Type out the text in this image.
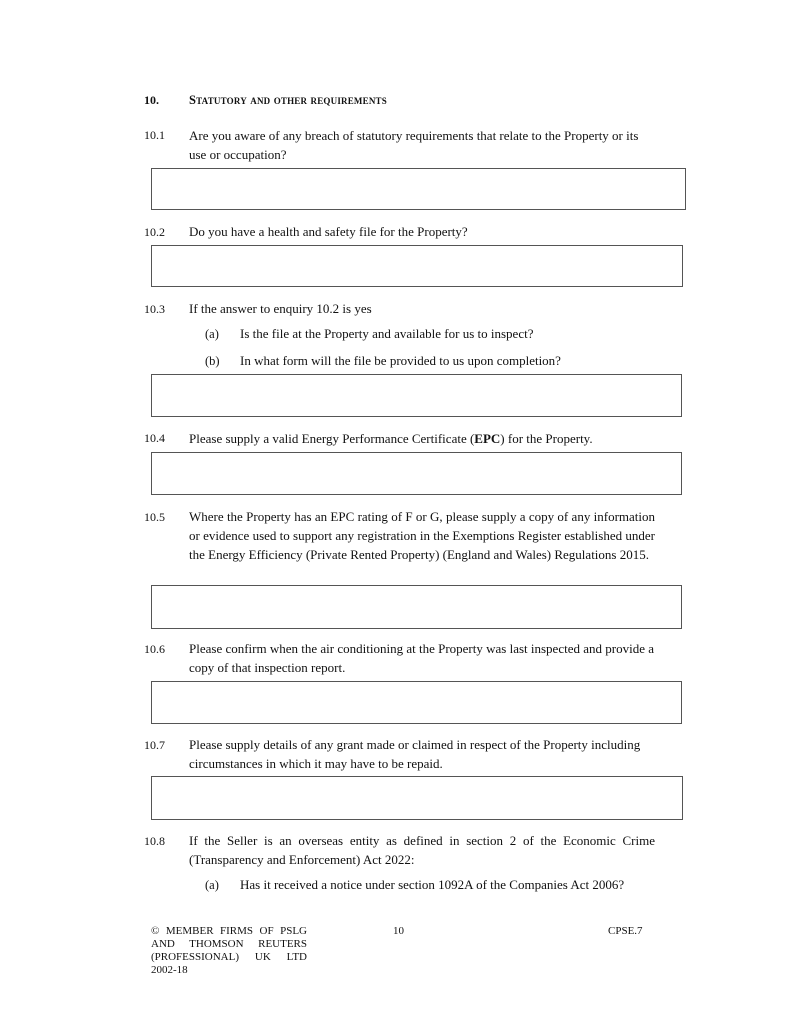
10. Statutory and other requirements
10.1 Are you aware of any breach of statutory requirements that relate to the Property or its use or occupation?
10.2 Do you have a health and safety file for the Property?
10.3 If the answer to enquiry 10.2 is yes
(a) Is the file at the Property and available for us to inspect?
(b) In what form will the file be provided to us upon completion?
10.4 Please supply a valid Energy Performance Certificate (EPC) for the Property.
10.5 Where the Property has an EPC rating of F or G, please supply a copy of any information or evidence used to support any registration in the Exemptions Register established under the Energy Efficiency (Private Rented Property) (England and Wales) Regulations 2015.
10.6 Please confirm when the air conditioning at the Property was last inspected and provide a copy of that inspection report.
10.7 Please supply details of any grant made or claimed in respect of the Property including circumstances in which it may have to be repaid.
10.8 If the Seller is an overseas entity as defined in section 2 of the Economic Crime (Transparency and Enforcement) Act 2022:
(a) Has it received a notice under section 1092A of the Companies Act 2006?
© MEMBER FIRMS OF PSLG AND THOMSON REUTERS (PROFESSIONAL) UK LTD 2002-18
10	CPSE.7
